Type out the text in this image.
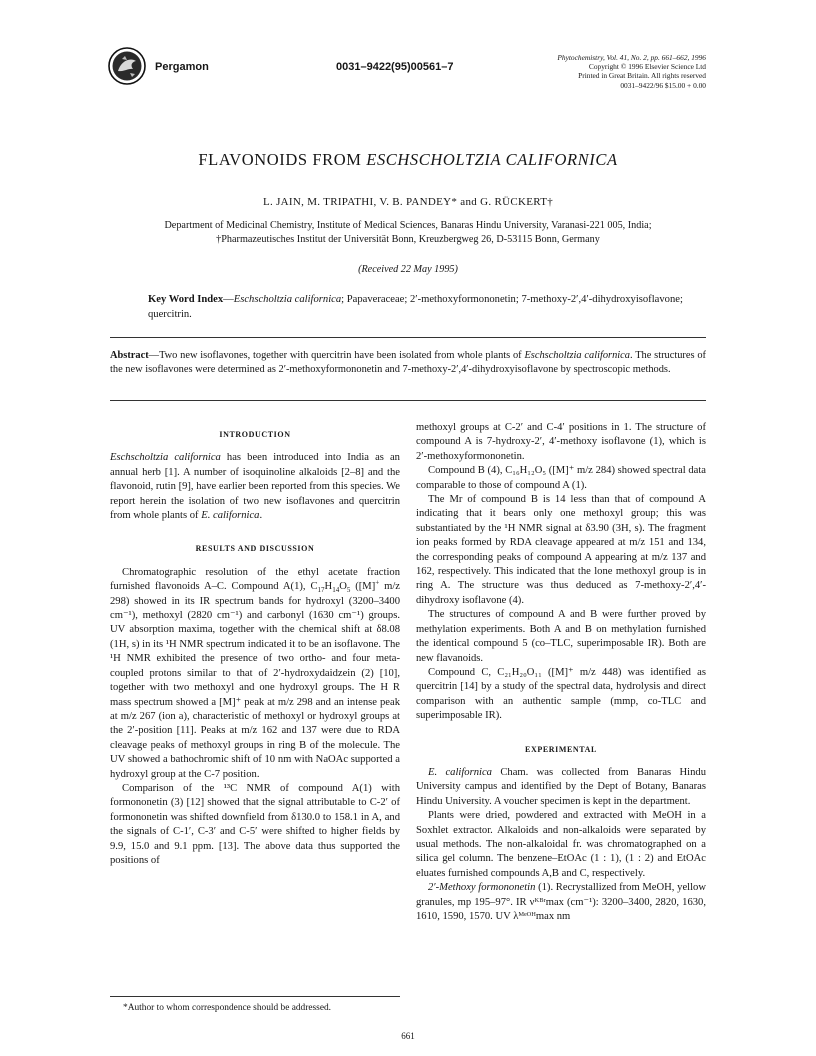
Pergamon	0031–9422(95)00561–7
Phytochemistry, Vol. 41, No. 2, pp. 661–662, 1996
Copyright © 1996 Elsevier Science Ltd
Printed in Great Britain. All rights reserved
0031–9422/96 $15.00 + 0.00
FLAVONOIDS FROM ESCHSCHOLTZIA CALIFORNICA
L. JAIN, M. TRIPATHI, V. B. PANDEY* and G. RÜCKERT†
Department of Medicinal Chemistry, Institute of Medical Sciences, Banaras Hindu University, Varanasi-221 005, India;
†Pharmazeutisches Institut der Universität Bonn, Kreuzbergweg 26, D-53115 Bonn, Germany
(Received 22 May 1995)
Key Word Index—Eschscholtzia californica; Papaveraceae; 2′-methoxyformononetin; 7-methoxy-2′,4′-dihydroxyisoflavone; quercitrin.
Abstract—Two new isoflavones, together with quercitrin have been isolated from whole plants of Eschscholtzia californica. The structures of the new isoflavones were determined as 2′-methoxyformononetin and 7-methoxy-2′,4′-dihydroxyisoflavone by spectroscopic methods.
INTRODUCTION

Eschscholtzia californica has been introduced into India as an annual herb [1]. A number of isoquinoline alkaloids [2–8] and the flavonoid, rutin [9], have earlier been reported from this species. We report herein the isolation of two new isoflavones and quercitrin from whole plants of E. californica.

RESULTS AND DISCUSSION

Chromatographic resolution of the ethyl acetate fraction furnished flavonoids A–C. Compound A(1), $C_{17}H_{14}O_5$ ([M]+ m/z 298) showed in its IR spectrum bands for hydroxyl (3200–3400 cm⁻¹), methoxyl (2820 cm⁻¹) and carbonyl (1630 cm⁻¹) groups. UV absorption maxima, together with the chemical shift at δ8.08 (1H, s) in its ¹H NMR spectrum indicated it to be an isoflavone. The ¹H NMR exhibited the presence of two ortho- and four meta- coupled protons similar to that of 2′-hydroxydaidzein (2) [10], together with two methoxyl and one hydroxyl groups. The H R mass spectrum showed a [M]⁺ peak at m/z 298 and an intense peak at m/z 267 (ion a), characteristic of methoxyl or hydroxyl groups at the 2′-position [11]. Peaks at m/z 162 and 137 were due to RDA cleavage peaks of methoxyl groups in ring B of the molecule. The UV showed a bathochromic shift of 10 nm with NaOAc supported a hydroxyl group at the C-7 position.

Comparison of the ¹³C NMR of compound A(1) with formononetin (3) [12] showed that the signal attributable to C-2′ of formononetin was shifted downfield from δ130.0 to 158.1 in A, and the signals of C-1′, C-3′ and C-5′ were shifted to higher fields by 9.9, 15.0 and 9.1 ppm. [13]. The above data thus supported the positions of

methoxyl groups at C-2′ and C-4′ positions in 1. The structure of compound A is 7-hydroxy-2′, 4′-methoxy isoflavone (1), which is 2′-methoxyformononetin.

Compound B (4), C₁₆H₁₂O₅ ([M]⁺ m/z 284) showed spectral data comparable to those of compound A (1).

The Mr of compound B is 14 less than that of compound A indicating that it bears only one methoxyl group; this was substantiated by the ¹H NMR signal at δ3.90 (3H, s). The fragment ion peaks formed by RDA cleavage appeared at m/z 151 and 134, the corresponding peaks of compound A appearing at m/z 137 and 162, respectively. This indicated that the lone methoxyl group is in ring A. The structure was thus deduced as 7-methoxy-2′,4′-dihydroxy isoflavone (4).

The structures of compound A and B were further proved by methylation experiments. Both A and B on methylation furnished the identical compound 5 (co–TLC, superimposable IR). Both are new flavanoids.

Compound C, C₂₁H₂₀O₁₁ ([M]⁺ m/z 448) was identified as quercitrin [14] by a study of the spectral data, hydrolysis and direct comparison with an authentic sample (mmp, co-TLC and superimposable IR).

EXPERIMENTAL

E. californica Cham. was collected from Banaras Hindu University campus and identified by the Dept of Botany, Banaras Hindu University. A voucher specimen is kept in the department.

Plants were dried, powdered and extracted with MeOH in a Soxhlet extractor. Alkaloids and non-alkaloids were separated by usual methods. The non-alkaloidal fr. was chromatographed on a silica gel column. The benzene–EtOAc (1 : 1), (1 : 2) and EtOAc eluates furnished compounds A,B and C, respectively.

2′-Methoxy formononetin (1). Recrystallized from MeOH, yellow granules, mp 195–97°. IR νᴷᴮʳmax (cm⁻¹): 3200–3400, 2820, 1630, 1610, 1590, 1570. UV λᴹᵉᴼᴴmax nm

*Author to whom correspondence should be addressed.
661
